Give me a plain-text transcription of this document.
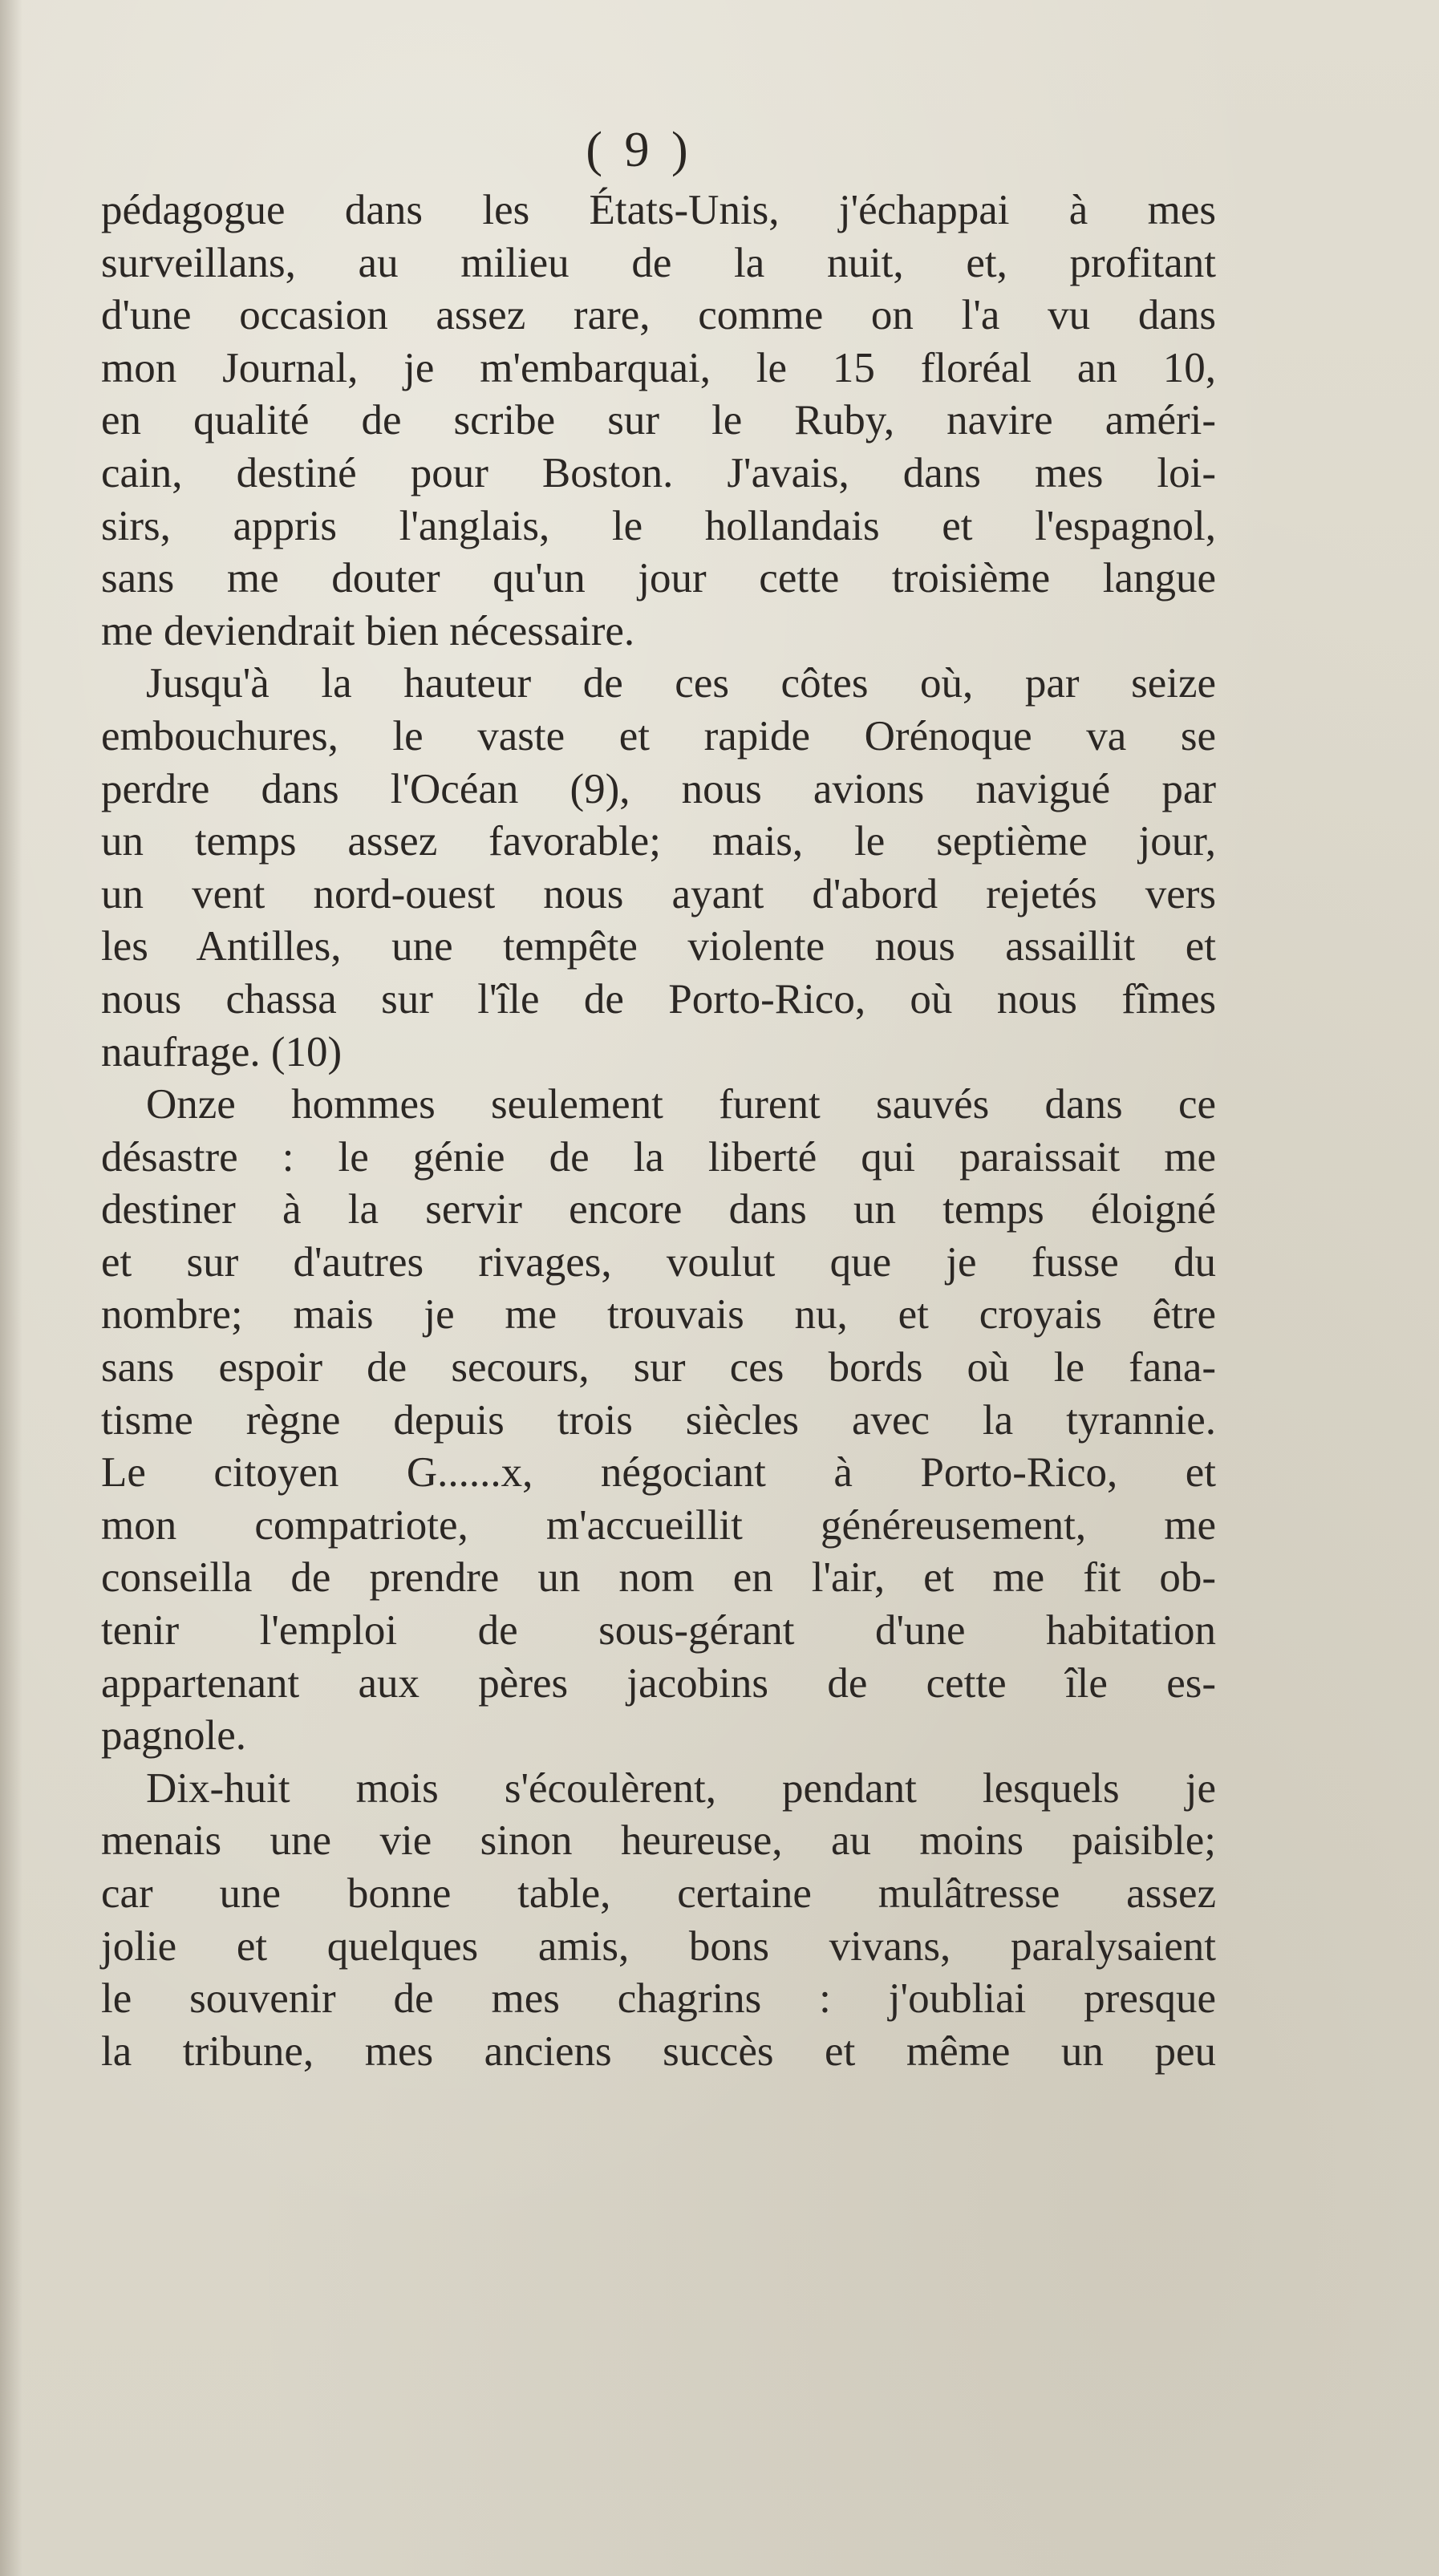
( 9 )
pédagogue dans les États-Unis, j'échappai à mes
surveillans, au milieu de la nuit, et, profitant
d'une occasion assez rare, comme on l'a vu dans
mon Journal, je m'embarquai, le 15 floréal an 10,
en qualité de scribe sur le Ruby, navire améri-
cain, destiné pour Boston. J'avais, dans mes loi-
sirs, appris l'anglais, le hollandais et l'espagnol,
sans me douter qu'un jour cette troisième langue
me deviendrait bien nécessaire.
Jusqu'à la hauteur de ces côtes où, par seize
embouchures, le vaste et rapide Orénoque va se
perdre dans l'Océan (9), nous avions navigué par
un temps assez favorable; mais, le septième jour,
un vent nord-ouest nous ayant d'abord rejetés vers
les Antilles, une tempête violente nous assaillit et
nous chassa sur l'île de Porto-Rico, où nous fîmes
naufrage. (10)
Onze hommes seulement furent sauvés dans ce
désastre : le génie de la liberté qui paraissait me
destiner à la servir encore dans un temps éloigné
et sur d'autres rivages, voulut que je fusse du
nombre; mais je me trouvais nu, et croyais être
sans espoir de secours, sur ces bords où le fana-
tisme règne depuis trois siècles avec la tyrannie.
Le citoyen G......x, négociant à Porto-Rico, et
mon compatriote, m'accueillit généreusement, me
conseilla de prendre un nom en l'air, et me fit ob-
tenir l'emploi de sous-gérant d'une habitation
appartenant aux pères jacobins de cette île es-
pagnole.
Dix-huit mois s'écoulèrent, pendant lesquels je
menais une vie sinon heureuse, au moins paisible;
car une bonne table, certaine mulâtresse assez
jolie et quelques amis, bons vivans, paralysaient
le souvenir de mes chagrins : j'oubliai presque
la tribune, mes anciens succès et même un peu
